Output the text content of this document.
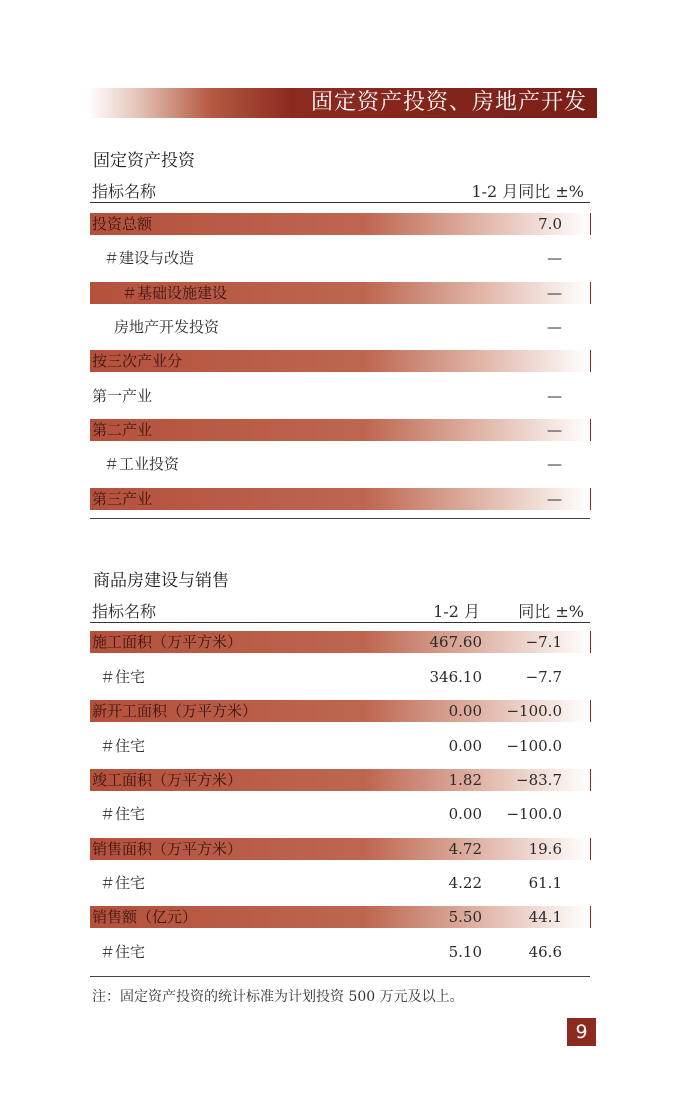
固定资产投资、房地产开发
固定资产投资
指标名称	1-2 月同比 ±%
投资总额	7.0
＃建设与改造	—
＃基础设施建设	—
房地产开发投资	—
按三次产业分
第一产业	—
第二产业	—
＃工业投资	—
第三产业	—
商品房建设与销售
指标名称	1-2 月 同比 ±%
施工面积（万平方米）	467.60	−7.1
＃住宅	346.10	−7.7
新开工面积（万平方米）	0.00 −100.0
＃住宅	0.00 −100.0
竣工面积（万平方米）	1.82 −83.7
＃住宅	0.00 −100.0
销售面积（万平方米）	4.72	19.6
＃住宅	4.22	61.1
销售额（亿元）	5.50	44.1
＃住宅	5.10	46.6
注：固定资产投资的统计标准为计划投资 500 万元及以上。
9
